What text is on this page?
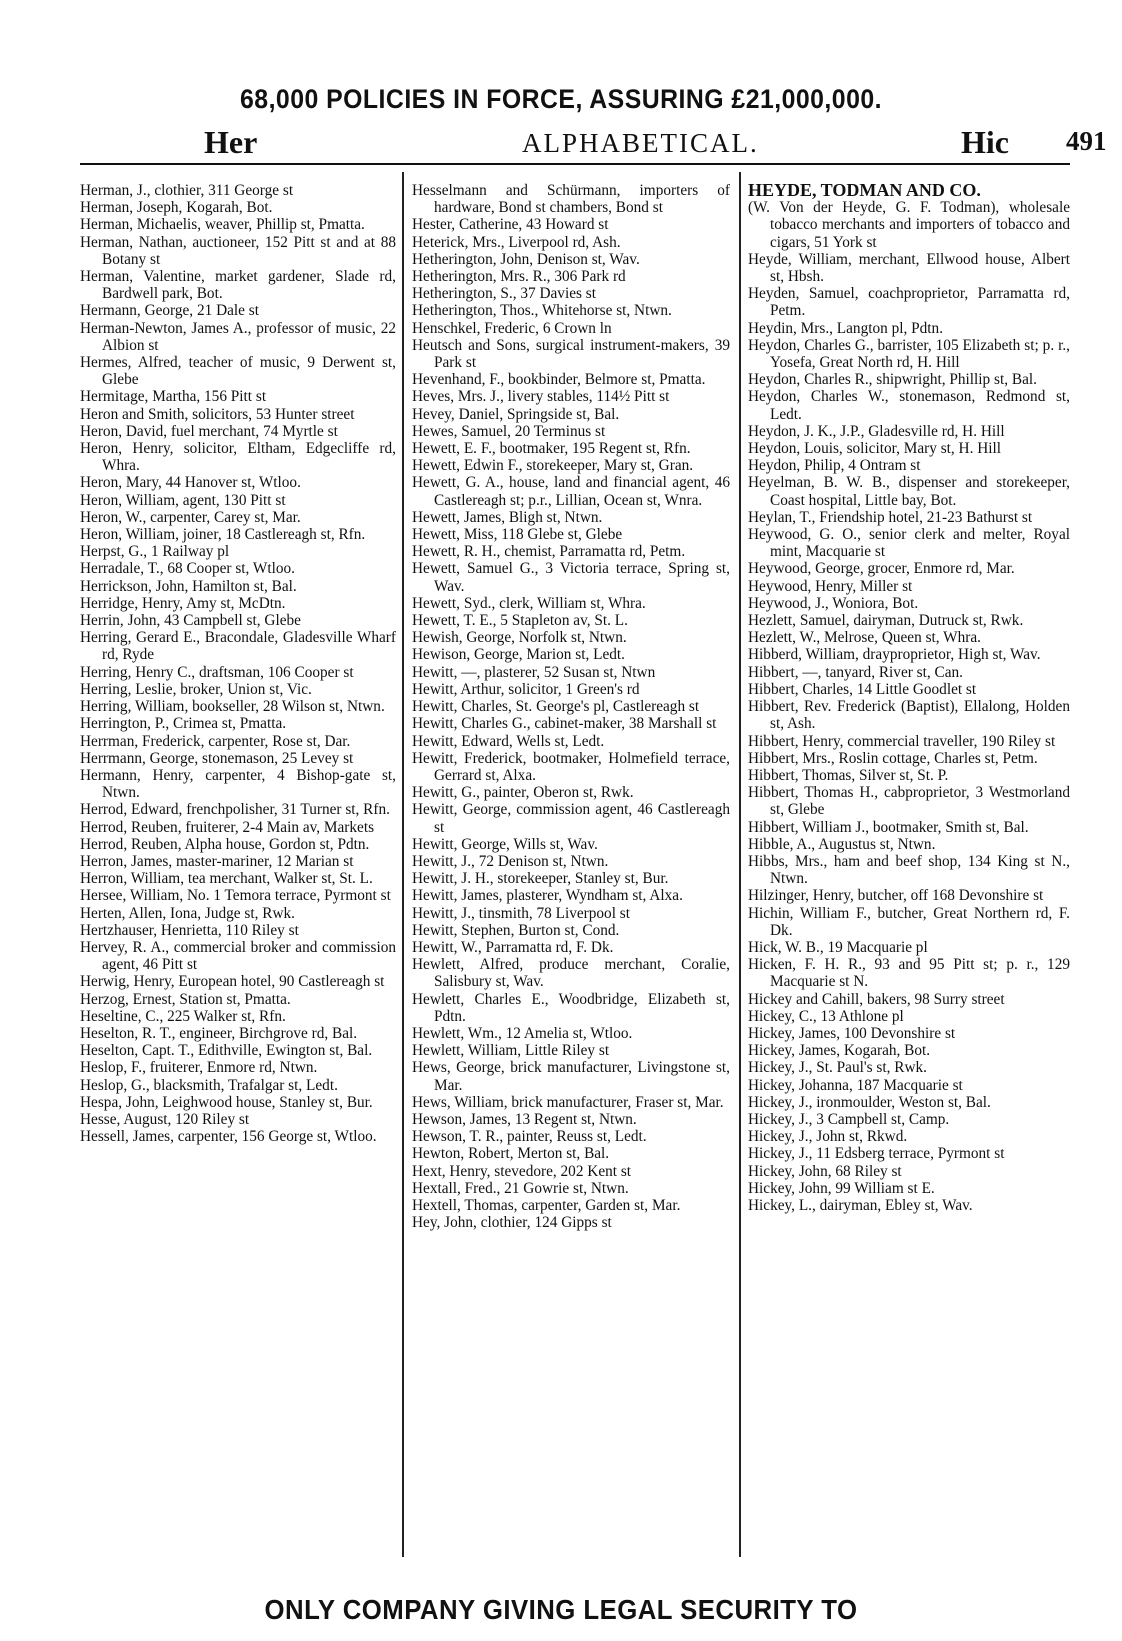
68,000 POLICIES IN FORCE, ASSURING £21,000,000.
Her	ALPHABETICAL.	Hic 491

Herman, J., clothier, 311 George st

Herman, Joseph, Kogarah, Bot.

Herman, Michaelis, weaver, Phillip st, Pmatta.

Herman, Nathan, auctioneer, 152 Pitt st and at 88 Botany st

Herman, Valentine, market gardener, Slade rd, Bardwell park, Bot.

Hermann, George, 21 Dale st

Herman-Newton, James A., professor of music, 22 Albion st

Hermes, Alfred, teacher of music, 9 Derwent st, Glebe

Hermitage, Martha, 156 Pitt st

Heron and Smith, solicitors, 53 Hunter street

Heron, David, fuel merchant, 74 Myrtle st

Heron, Henry, solicitor, Eltham, Edgecliffe rd, Whra.

Heron, Mary, 44 Hanover st, Wtloo.

Heron, William, agent, 130 Pitt st

Heron, W., carpenter, Carey st, Mar.

Heron, William, joiner, 18 Castlereagh st, Rfn.

Herpst, G., 1 Railway pl

Herradale, T., 68 Cooper st, Wtloo.

Herrickson, John, Hamilton st, Bal.

Herridge, Henry, Amy st, McDtn.

Herrin, John, 43 Campbell st, Glebe

Herring, Gerard E., Bracondale, Gladesville Wharf rd, Ryde

Herring, Henry C., draftsman, 106 Cooper st

Herring, Leslie, broker, Union st, Vic.

Herring, William, bookseller, 28 Wilson st, Ntwn.

Herrington, P., Crimea st, Pmatta.

Herrman, Frederick, carpenter, Rose st, Dar.

Herrmann, George, stonemason, 25 Levey st

Hermann, Henry, carpenter, 4 Bishop-gate st, Ntwn.

Herrod, Edward, frenchpolisher, 31 Turner st, Rfn.

Herrod, Reuben, fruiterer, 2-4 Main av, Markets

Herrod, Reuben, Alpha house, Gordon st, Pdtn.

Herron, James, master-mariner, 12 Marian st

Herron, William, tea merchant, Walker st, St. L.

Hersee, William, No. 1 Temora terrace, Pyrmont st

Herten, Allen, Iona, Judge st, Rwk.

Hertzhauser, Henrietta, 110 Riley st

Hervey, R. A., commercial broker and commission agent, 46 Pitt st

Herwig, Henry, European hotel, 90 Castlereagh st

Herzog, Ernest, Station st, Pmatta.

Heseltine, C., 225 Walker st, Rfn.

Heselton, R. T., engineer, Birchgrove rd, Bal.

Heselton, Capt. T., Edithville, Ewington st, Bal.

Heslop, F., fruiterer, Enmore rd, Ntwn.

Heslop, G., blacksmith, Trafalgar st, Ledt.

Hespa, John, Leighwood house, Stanley st, Bur.

Hesse, August, 120 Riley st

Hessell, James, carpenter, 156 George st, Wtloo.

Hesselmann and Schürmann, importers of hardware, Bond st chambers, Bond st

Hester, Catherine, 43 Howard st

Heterick, Mrs., Liverpool rd, Ash.

Hetherington, John, Denison st, Wav.

Hetherington, Mrs. R., 306 Park rd

Hetherington, S., 37 Davies st

Hetherington, Thos., Whitehorse st, Ntwn.

Henschkel, Frederic, 6 Crown ln

Heutsch and Sons, surgical instrument-makers, 39 Park st

Hevenhand, F., bookbinder, Belmore st, Pmatta.

Heves, Mrs. J., livery stables, 114½ Pitt st

Hevey, Daniel, Springside st, Bal.

Hewes, Samuel, 20 Terminus st

Hewett, E. F., bootmaker, 195 Regent st, Rfn.

Hewett, Edwin F., storekeeper, Mary st, Gran.

Hewett, G. A., house, land and financial agent, 46 Castlereagh st; p.r., Lillian, Ocean st, Wnra.

Hewett, James, Bligh st, Ntwn.

Hewett, Miss, 118 Glebe st, Glebe

Hewett, R. H., chemist, Parramatta rd, Petm.

Hewett, Samuel G., 3 Victoria terrace, Spring st, Wav.

Hewett, Syd., clerk, William st, Whra.

Hewett, T. E., 5 Stapleton av, St. L.

Hewish, George, Norfolk st, Ntwn.

Hewison, George, Marion st, Ledt.

Hewitt, —, plasterer, 52 Susan st, Ntwn

Hewitt, Arthur, solicitor, 1 Green's rd

Hewitt, Charles, St. George's pl, Castlereagh st

Hewitt, Charles G., cabinet-maker, 38 Marshall st

Hewitt, Edward, Wells st, Ledt.

Hewitt, Frederick, bootmaker, Holmefield terrace, Gerrard st, Alxa.

Hewitt, G., painter, Oberon st, Rwk.

Hewitt, George, commission agent, 46 Castlereagh st

Hewitt, George, Wills st, Wav.

Hewitt, J., 72 Denison st, Ntwn.

Hewitt, J. H., storekeeper, Stanley st, Bur.

Hewitt, James, plasterer, Wyndham st, Alxa.

Hewitt, J., tinsmith, 78 Liverpool st

Hewitt, Stephen, Burton st, Cond.

Hewitt, W., Parramatta rd, F. Dk.

Hewlett, Alfred, produce merchant, Coralie, Salisbury st, Wav.

Hewlett, Charles E., Woodbridge, Elizabeth st, Pdtn.

Hewlett, Wm., 12 Amelia st, Wtloo.

Hewlett, William, Little Riley st

Hews, George, brick manufacturer, Livingstone st, Mar.

Hews, William, brick manufacturer, Fraser st, Mar.

Hewson, James, 13 Regent st, Ntwn.

Hewson, T. R., painter, Reuss st, Ledt.

Hewton, Robert, Merton st, Bal.

Hext, Henry, stevedore, 202 Kent st

Hextall, Fred., 21 Gowrie st, Ntwn.

Hextell, Thomas, carpenter, Garden st, Mar.

Hey, John, clothier, 124 Gipps st

HEYDE, TODMAN AND CO.

(W. Von der Heyde, G. F. Todman), wholesale tobacco merchants and importers of tobacco and cigars, 51 York st

Heyde, William, merchant, Ellwood house, Albert st, Hbsh.

Heyden, Samuel, coachproprietor, Parramatta rd, Petm.

Heydin, Mrs., Langton pl, Pdtn.

Heydon, Charles G., barrister, 105 Elizabeth st; p. r., Yosefa, Great North rd, H. Hill

Heydon, Charles R., shipwright, Phillip st, Bal.

Heydon, Charles W., stonemason, Redmond st, Ledt.

Heydon, J. K., J.P., Gladesville rd, H. Hill

Heydon, Louis, solicitor, Mary st, H. Hill

Heydon, Philip, 4 Ontram st

Heyelman, B. W. B., dispenser and storekeeper, Coast hospital, Little bay, Bot.

Heylan, T., Friendship hotel, 21-23 Bathurst st

Heywood, G. O., senior clerk and melter, Royal mint, Macquarie st

Heywood, George, grocer, Enmore rd, Mar.

Heywood, Henry, Miller st

Heywood, J., Woniora, Bot.

Hezlett, Samuel, dairyman, Dutruck st, Rwk.

Hezlett, W., Melrose, Queen st, Whra.

Hibberd, William, drayproprietor, High st, Wav.

Hibbert, —, tanyard, River st, Can.

Hibbert, Charles, 14 Little Goodlet st

Hibbert, Rev. Frederick (Baptist), Ellalong, Holden st, Ash.

Hibbert, Henry, commercial traveller, 190 Riley st

Hibbert, Mrs., Roslin cottage, Charles st, Petm.

Hibbert, Thomas, Silver st, St. P.

Hibbert, Thomas H., cabproprietor, 3 Westmorland st, Glebe

Hibbert, William J., bootmaker, Smith st, Bal.

Hibble, A., Augustus st, Ntwn.

Hibbs, Mrs., ham and beef shop, 134 King st N., Ntwn.

Hilzinger, Henry, butcher, off 168 Devonshire st

Hichin, William F., butcher, Great Northern rd, F. Dk.

Hick, W. B., 19 Macquarie pl

Hicken, F. H. R., 93 and 95 Pitt st; p. r., 129 Macquarie st N.

Hickey and Cahill, bakers, 98 Surry street

Hickey, C., 13 Athlone pl

Hickey, James, 100 Devonshire st

Hickey, James, Kogarah, Bot.

Hickey, J., St. Paul's st, Rwk.

Hickey, Johanna, 187 Macquarie st

Hickey, J., ironmoulder, Weston st, Bal.

Hickey, J., 3 Campbell st, Camp.

Hickey, J., John st, Rkwd.

Hickey, J., 11 Edsberg terrace, Pyrmont st

Hickey, John, 68 Riley st

Hickey, John, 99 William st E.

Hickey, L., dairyman, Ebley st, Wav.

ONLY COMPANY GIVING LEGAL SECURITY TO
